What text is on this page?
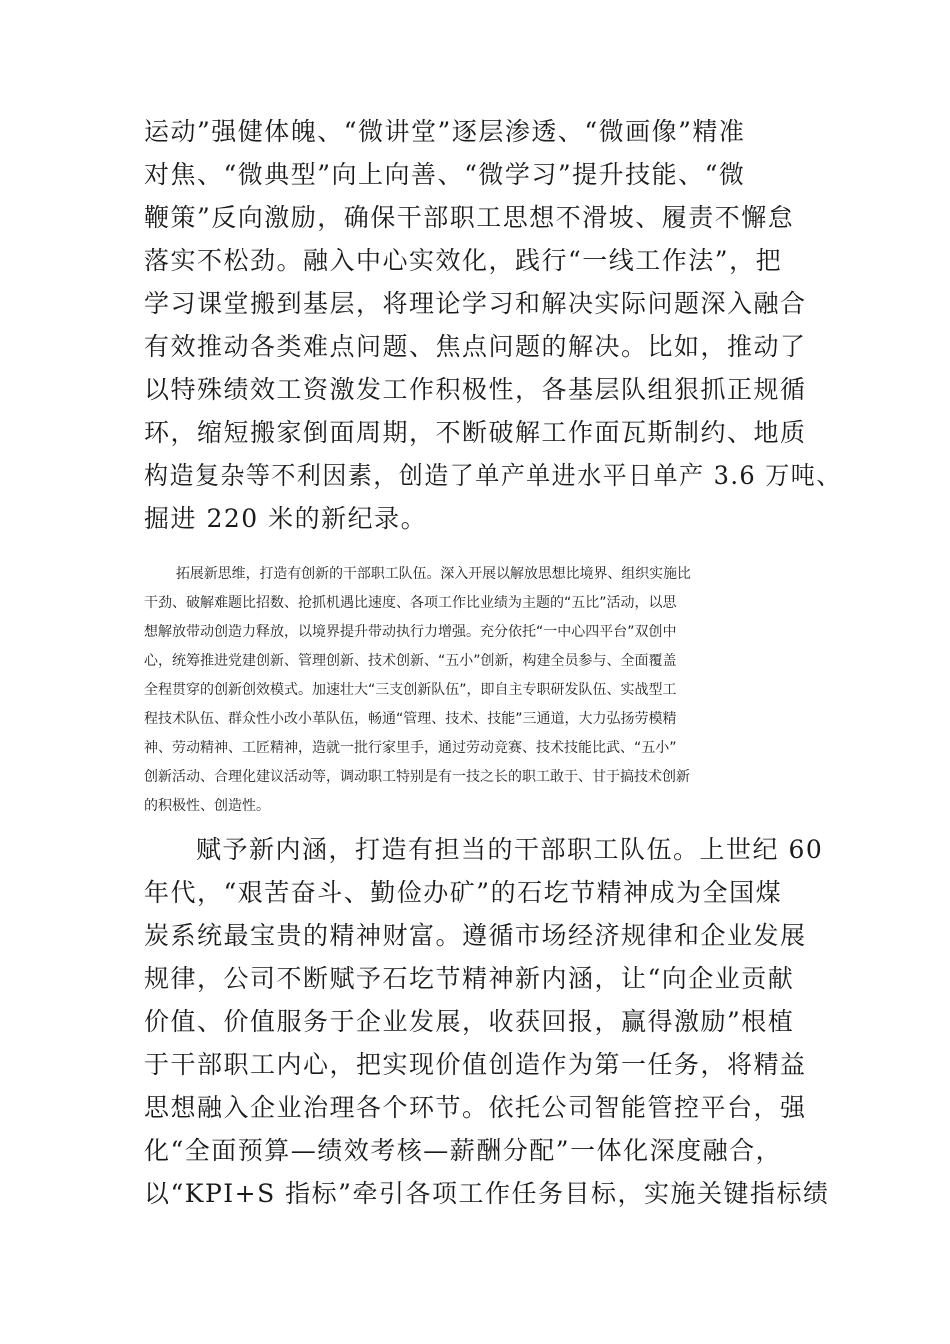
运动”强健体魄、“微讲堂”逐层渗透、“微画像”精准
对焦、“微典型”向上向善、“微学习”提升技能、“微
鞭策”反向激励，确保干部职工思想不滑坡、履责不懈怠
落实不松劲。融入中心实效化，践行“一线工作法”，把
学习课堂搬到基层，将理论学习和解决实际问题深入融合
有效推动各类难点问题、焦点问题的解决。比如，推动了
以特殊绩效工资激发工作积极性，各基层队组狠抓正规循
环，缩短搬家倒面周期，不断破解工作面瓦斯制约、地质
构造复杂等不利因素，创造了单产单进水平日单产 3.6 万吨、
掘进 220 米的新纪录。
拓展新思维，打造有创新的干部职工队伍。深入开展以解放思想比境界、组织实施比
干劲、破解难题比招数、抢抓机遇比速度、各项工作比业绩为主题的“五比”活动，以思
想解放带动创造力释放，以境界提升带动执行力增强。充分依托“一中心四平台”双创中
心，统筹推进党建创新、管理创新、技术创新、“五小”创新，构建全员参与、全面覆盖
全程贯穿的创新创效模式。加速壮大“三支创新队伍”，即自主专职研发队伍、实战型工
程技术队伍、群众性小改小革队伍，畅通“管理、技术、技能”三通道，大力弘扬劳模精
神、劳动精神、工匠精神，造就一批行家里手，通过劳动竞赛、技术技能比武、“五小”
创新活动、合理化建议活动等，调动职工特别是有一技之长的职工敢于、甘于搞技术创新
的积极性、创造性。
赋予新内涵，打造有担当的干部职工队伍。上世纪 60
年代，“艰苦奋斗、勤俭办矿”的石圪节精神成为全国煤
炭系统最宝贵的精神财富。遵循市场经济规律和企业发展
规律，公司不断赋予石圪节精神新内涵，让“向企业贡献
价值、价值服务于企业发展，收获回报，赢得激励”根植
于干部职工内心，把实现价值创造作为第一任务，将精益
思想融入企业治理各个环节。依托公司智能管控平台，强
化“全面预算—绩效考核—薪酬分配”一体化深度融合，
以“KPI+S 指标”牵引各项工作任务目标，实施关键指标绩
